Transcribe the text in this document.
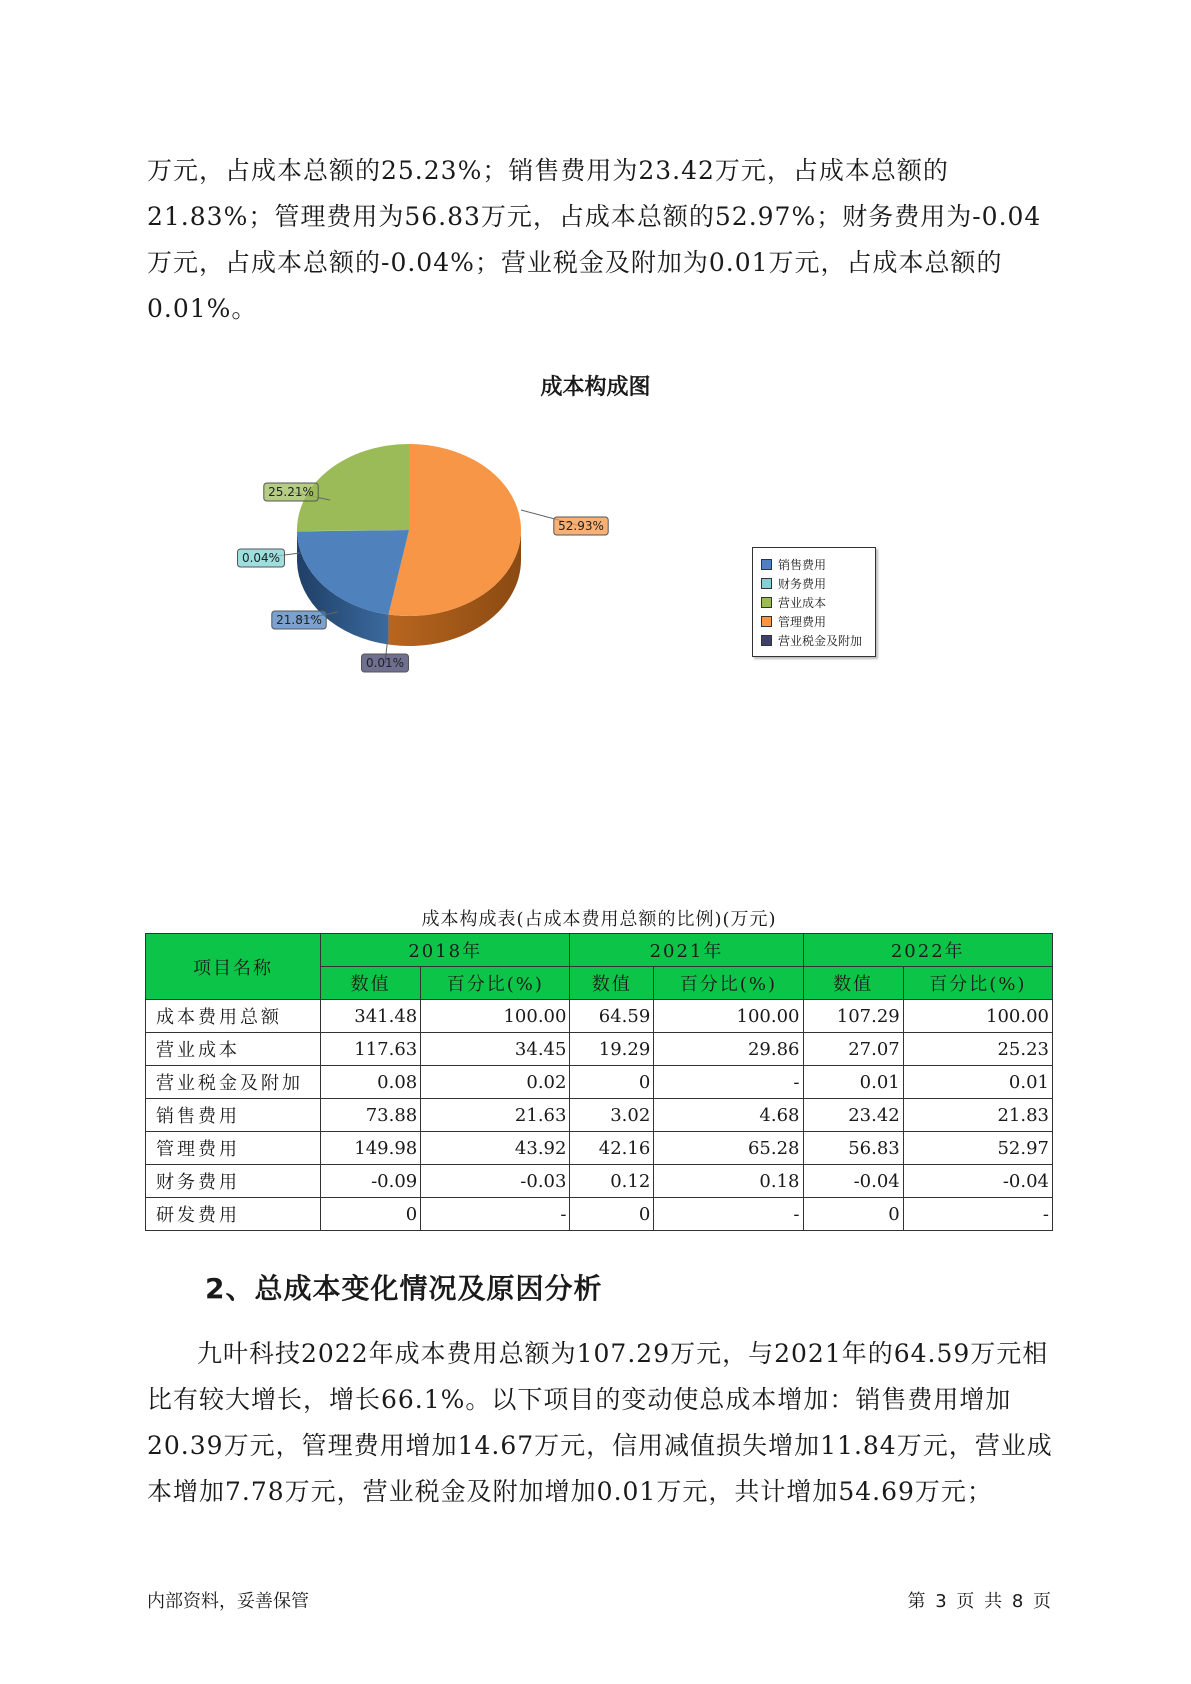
万元，占成本总额的25.23%；销售费用为23.42万元，占成本总额的21.83%；管理费用为56.83万元，占成本总额的52.97%；财务费用为-0.04万元，占成本总额的-0.04%；营业税金及附加为0.01万元，占成本总额的0.01%。

成本构成图
21.81%
0.04%
25.21%
52.93%
0.01%
销售费用
财务费用
营业成本
管理费用
营业税金及附加
成本构成表(占成本费用总额的比例)(万元)
项目名称	2018年		2021年		2022年	
	数值	百分比(%)	数值	百分比(%)	数值	百分比(%)
成本费用总额	341.48	100.00	64.59	100.00	107.29	100.00
营业成本	117.63	34.45	19.29	29.86	27.07	25.23
营业税金及附加	0.08	0.02	0	-	0.01	0.01
销售费用	73.88	21.63	3.02	4.68	23.42	21.83
管理费用	149.98	43.92	42.16	65.28	56.83	52.97
财务费用	-0.09	-0.03	0.12	0.18	-0.04	-0.04
研发费用	0	-	0	-	0	-
2、总成本变化情况及原因分析

九叶科技2022年成本费用总额为107.29万元，与2021年的64.59万元相比有较大增长，增长66.1%。以下项目的变动使总成本增加：销售费用增加20.39万元，管理费用增加14.67万元，信用减值损失增加11.84万元，营业成本增加7.78万元，营业税金及附加增加0.01万元，共计增加54.69万元；

内部资料，妥善保管	第 3 页 共 8 页
